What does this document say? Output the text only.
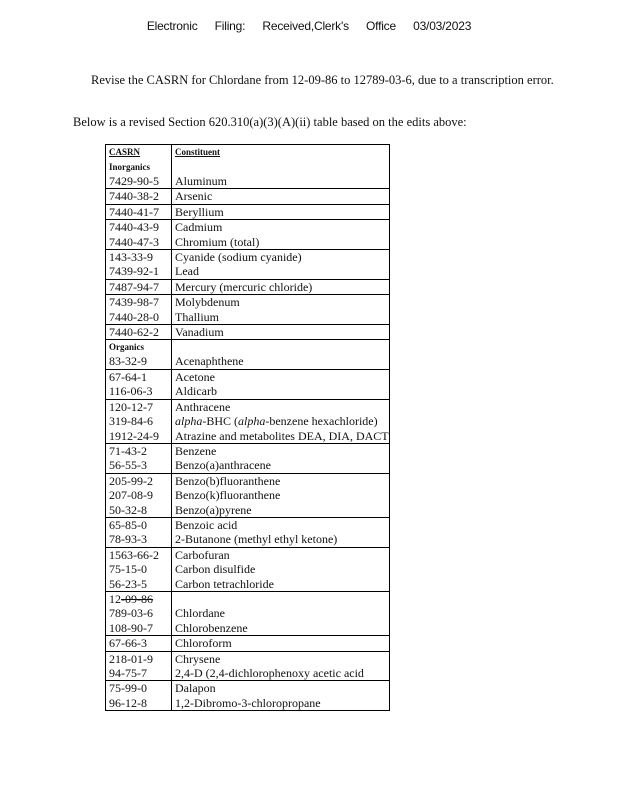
Electronic Filing: Received,Clerk's Office 03/03/2023
Revise the CASRN for Chlordane from 12-09-86 to 12789-03-6, due to a transcription error.
Below is a revised Section 620.310(a)(3)(A)(ii) table based on the edits above:
CASRN	Constituent
Inorganics	
7429-90-5	Aluminum
7440-38-2	Arsenic
7440-41-7	Beryllium
7440-43-9	Cadmium
7440-47-3	Chromium (total)
143-33-9	Cyanide (sodium cyanide)
7439-92-1	Lead
7487-94-7	Mercury (mercuric chloride)
7439-98-7	Molybdenum
7440-28-0	Thallium
7440-62-2	Vanadium
Organics	
83-32-9	Acenaphthene
67-64-1	Acetone
116-06-3	Aldicarb
120-12-7	Anthracene
319-84-6	alpha-BHC (alpha-benzene hexachloride)
1912-24-9	Atrazine and metabolites DEA, DIA, DACT
71-43-2	Benzene
56-55-3	Benzo(a)anthracene
205-99-2	Benzo(b)fluoranthene
207-08-9	Benzo(k)fluoranthene
50-32-8	Benzo(a)pyrene
65-85-0	Benzoic acid
78-93-3	2-Butanone (methyl ethyl ketone)
1563-66-2	Carbofuran
75-15-0	Carbon disulfide
56-23-5	Carbon tetrachloride
12-09-86
789-03-6	Chlordane
108-90-7	Chlorobenzene
67-66-3	Chloroform
218-01-9	Chrysene
94-75-7	2,4-D (2,4-dichlorophenoxy acetic acid
75-99-0	Dalapon
96-12-8	1,2-Dibromo-3-chloropropane
